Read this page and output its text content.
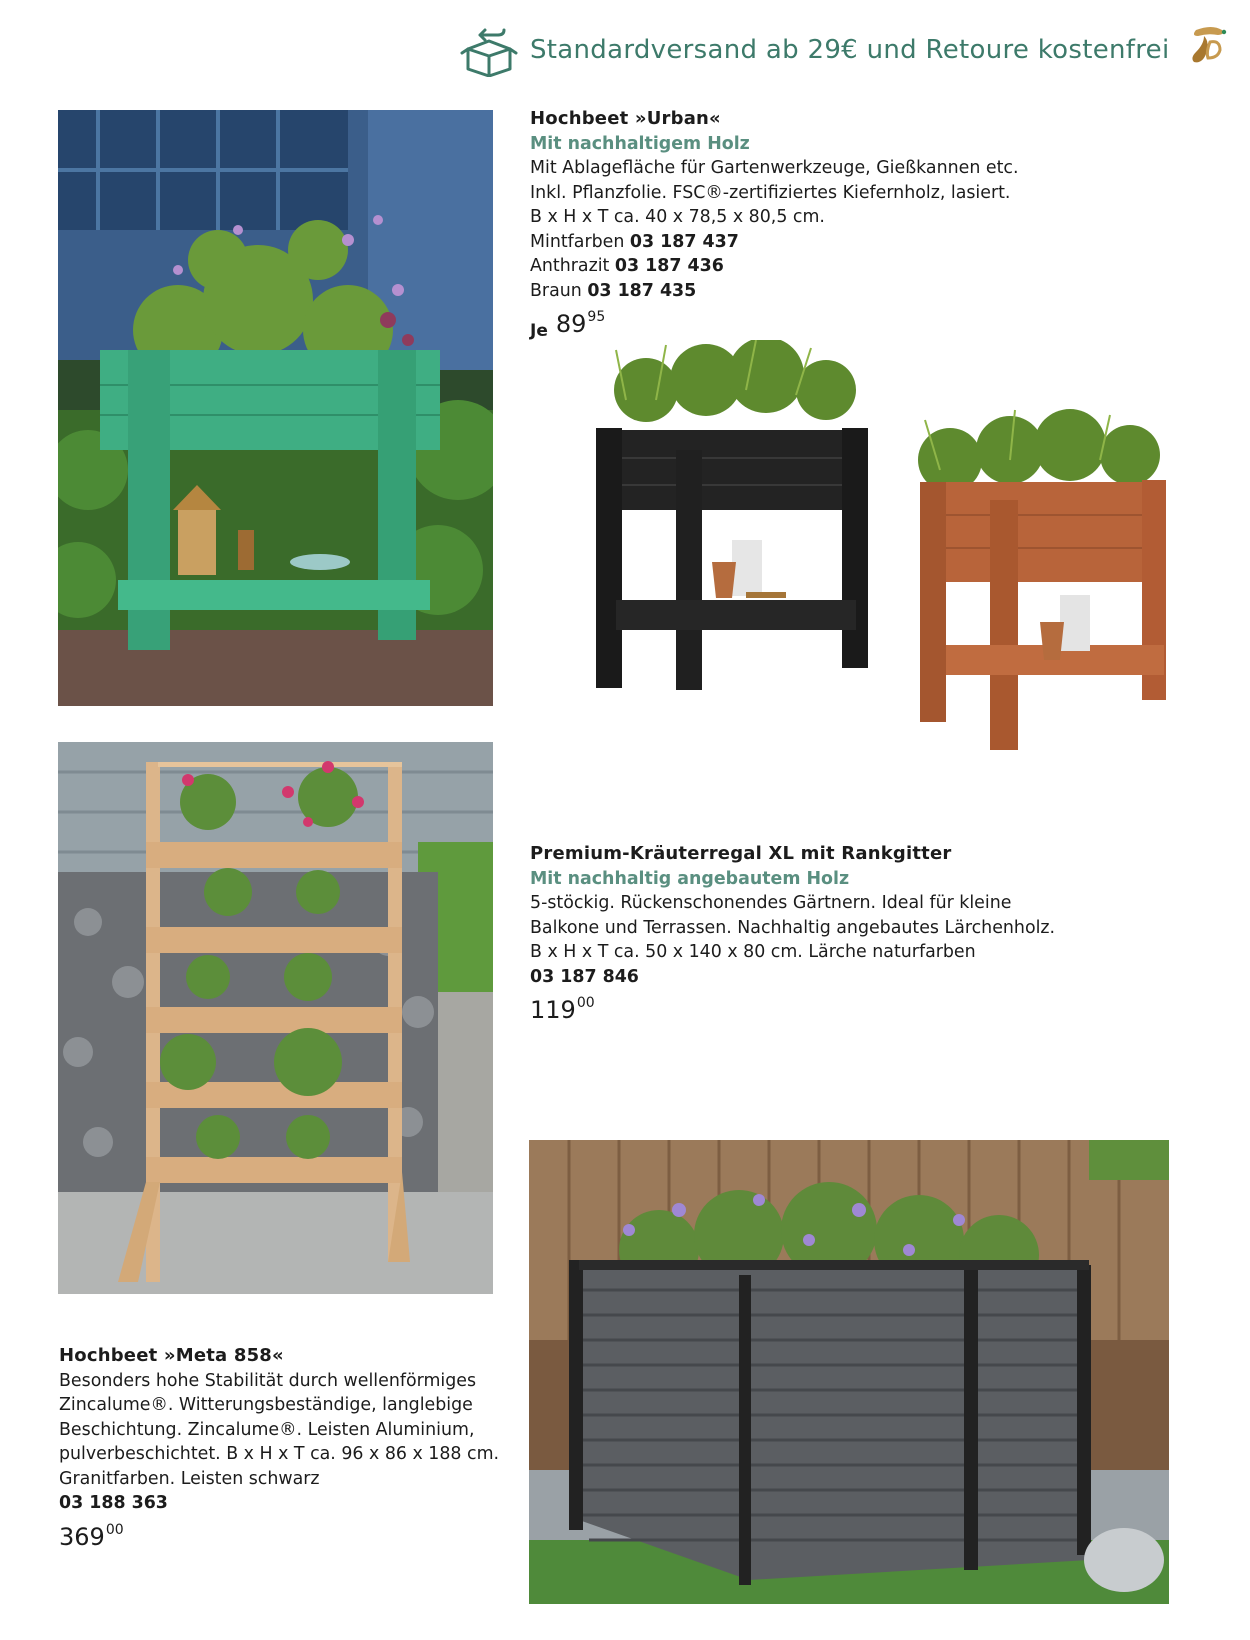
Standardversand ab 29€ und Retoure kostenfrei
Hochbeet »Urban«
Mit nachhaltigem Holz
Mit Ablagefläche für Gartenwerkzeuge, Gießkannen etc.
Inkl. Pflanzfolie. FSC®-zertifiziertes Kiefernholz, lasiert.
B x H x T ca. 40 x 78,5 x 80,5 cm.
Mintfarben 03 187 437
Anthrazit 03 187 436
Braun 03 187 435
Je 89 95
Premium-Kräuterregal XL mit Rankgitter
Mit nachhaltig angebautem Holz
5-stöckig. Rückenschonendes Gärtnern. Ideal für kleine
Balkone und Terrassen. Nachhaltig angebautes Lärchenholz.
B x H x T ca. 50 x 140 x 80 cm. Lärche naturfarben
03 187 846
119 00
Hochbeet »Meta 858«
Besonders hohe Stabilität durch wellenförmiges
Zincalume®. Witterungsbeständige, langlebige
Beschichtung. Zincalume®. Leisten Aluminium,
pulverbeschichtet. B x H x T ca. 96 x 86 x 188 cm.
Granitfarben. Leisten schwarz
03 188 363
369 00
